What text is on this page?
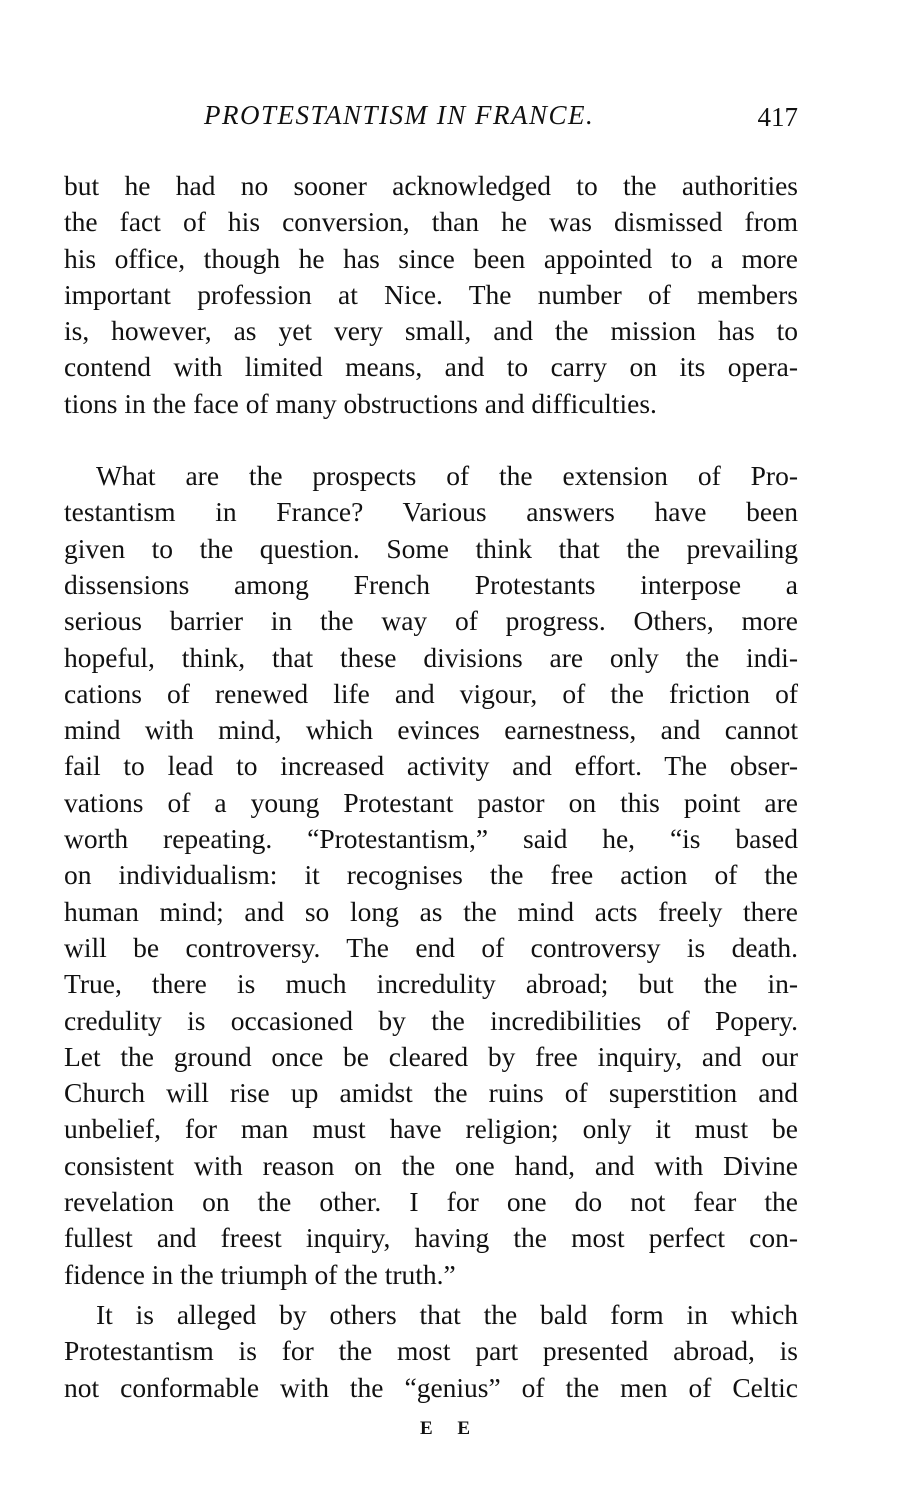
PROTESTANTISM IN FRANCE.	417
but he had no sooner acknowledged to the authorities
the fact of his conversion, than he was dismissed from
his office, though he has since been appointed to a more
important profession at Nice. The number of members
is, however, as yet very small, and the mission has to
contend with limited means, and to carry on its opera-
tions in the face of many obstructions and difficulties.
What are the prospects of the extension of Pro-
testantism in France? Various answers have been
given to the question. Some think that the prevailing
dissensions among French Protestants interpose a
serious barrier in the way of progress. Others, more
hopeful, think, that these divisions are only the indi-
cations of renewed life and vigour, of the friction of
mind with mind, which evinces earnestness, and cannot
fail to lead to increased activity and effort. The obser-
vations of a young Protestant pastor on this point are
worth repeating. “Protestantism,” said he, “is based
on individualism: it recognises the free action of the
human mind; and so long as the mind acts freely there
will be controversy. The end of controversy is death.
True, there is much incredulity abroad; but the in-
credulity is occasioned by the incredibilities of Popery.
Let the ground once be cleared by free inquiry, and our
Church will rise up amidst the ruins of superstition and
unbelief, for man must have religion; only it must be
consistent with reason on the one hand, and with Divine
revelation on the other. I for one do not fear the
fullest and freest inquiry, having the most perfect con-
fidence in the triumph of the truth.”
It is alleged by others that the bald form in which
Protestantism is for the most part presented abroad, is
not conformable with the “genius” of the men of Celtic
E E
